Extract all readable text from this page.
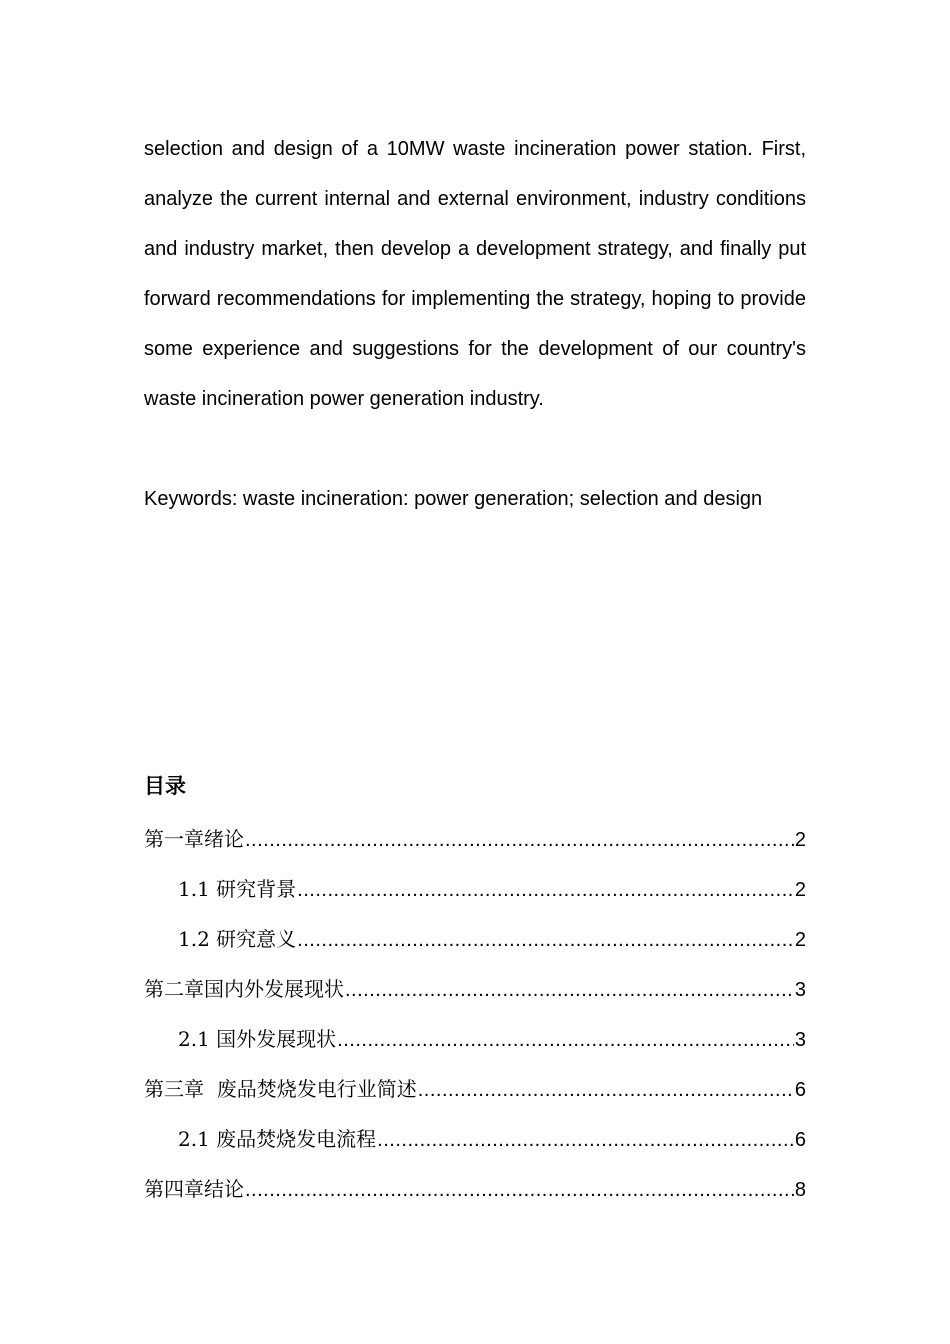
selection and design of a 10MW waste incineration power station. First, analyze the current internal and external environment, industry conditions and industry market, then develop a development strategy, and finally put forward recommendations for implementing the strategy, hoping to provide some experience and suggestions for the development of our country's waste incineration power generation industry.

Keywords: waste incineration: power generation; selection and design
目录
第一章绪论 .....	2
1.1 研究背景 .....	2
1.2 研究意义 .....	2
第二章国内外发展现状 .....	3
2.1 国外发展现状 .....	3
第三章  废品焚烧发电行业简述 .....	6
2.1 废品焚烧发电流程 .....	6
第四章结论 .....	8
